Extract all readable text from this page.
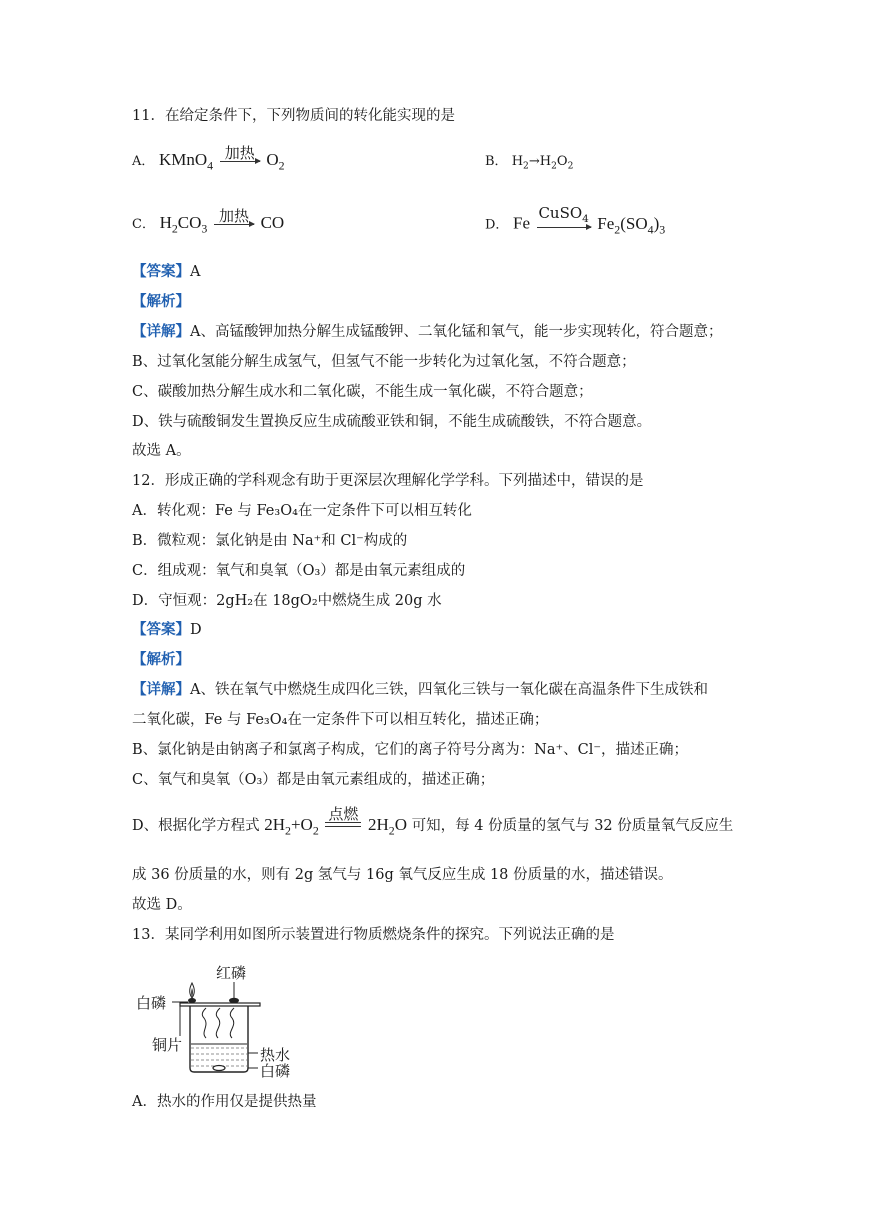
11．在给定条件下，下列物质间的转化能实现的是
A． KMnO$_4$
加热 $O_2$	B． $H_2\to H_2O_2$
C． $H_2CO_3$
加热 CO	D． Fe
CuSO$_4$ $Fe_2(SO_4)_3$
【答案】A
【解析】
【详解】A、高锰酸钾加热分解生成锰酸钾、二氧化锰和氧气，能一步实现转化，符合题意；
B、过氧化氢能分解生成氢气，但氢气不能一步转化为过氧化氢，不符合题意；
C、碳酸加热分解生成水和二氧化碳，不能生成一氧化碳，不符合题意；
D、铁与硫酸铜发生置换反应生成硫酸亚铁和铜，不能生成硫酸铁，不符合题意。
故选 A。
12．形成正确的学科观念有助于更深层次理解化学学科。下列描述中，错误的是
A．转化观：Fe 与 Fe₃O₄在一定条件下可以相互转化
B．微粒观：氯化钠是由 Na⁺和 Cl⁻构成的
C．组成观：氧气和臭氧（O₃）都是由氧元素组成的
D．守恒观：2gH₂在 18gO₂中燃烧生成 20g 水
【答案】D
【解析】
【详解】A、铁在氧气中燃烧生成四化三铁，四氧化三铁与一氧化碳在高温条件下生成铁和
二氧化碳，Fe 与 Fe₃O₄在一定条件下可以相互转化，描述正确；
B、氯化钠是由钠离子和氯离子构成，它们的离子符号分离为：Na⁺、Cl⁻，描述正确；
C、氧气和臭氧（O₃）都是由氧元素组成的，描述正确；
D、根据化学方程式 $2H_2+O_2$
点燃
$2H_2O$ 可知，每 4 份质量的氢气与 32 份质量氧气反应生
成 36 份质量的水，则有 2g 氢气与 16g 氧气反应生成 18 份质量的水，描述错误。
故选 D。
13．某同学利用如图所示装置进行物质燃烧条件的探究。下列说法正确的是
红磷
白磷
铜片
热水
白磷
A．热水的作用仅是提供热量
